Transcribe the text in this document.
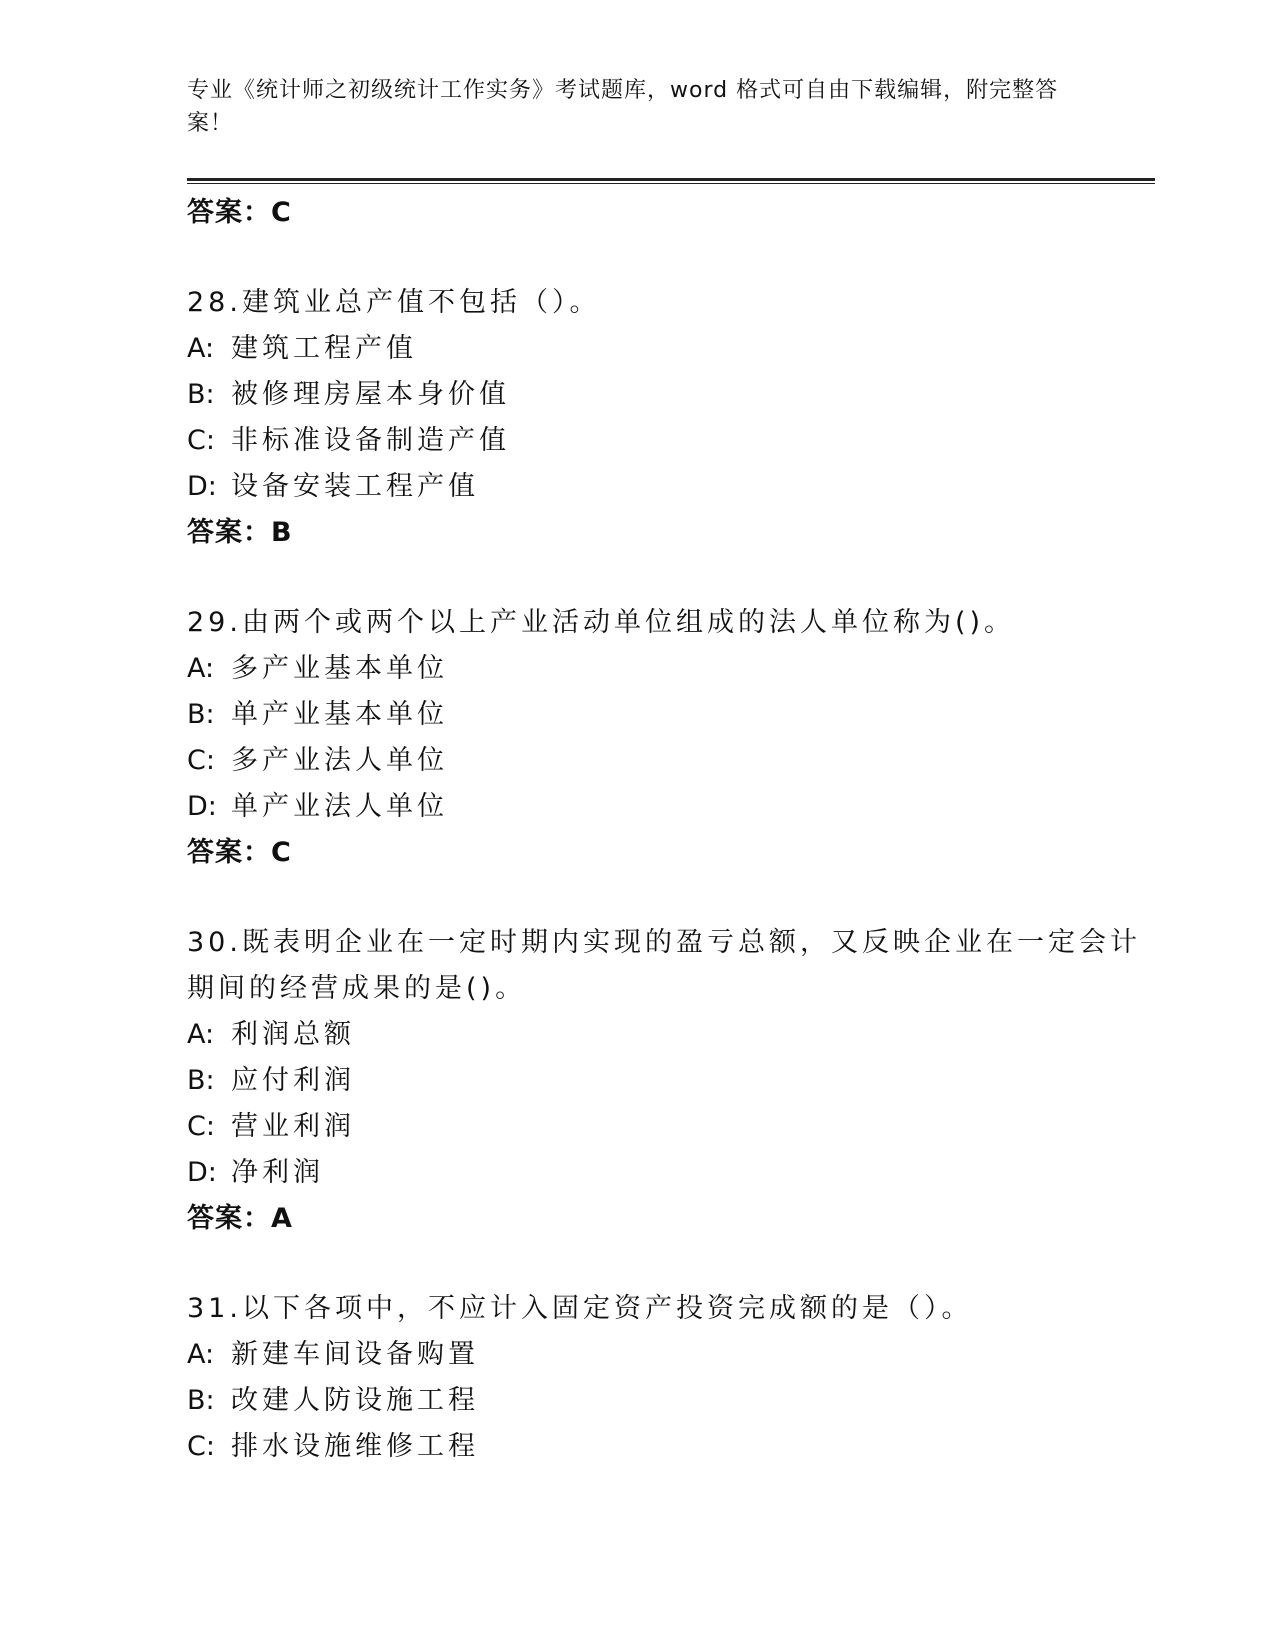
专业《统计师之初级统计工作实务》考试题库，word 格式可自由下载编辑，附完整答案！

答案：C

28.建筑业总产值不包括（）。

A: 建筑工程产值

B: 被修理房屋本身价值

C: 非标准设备制造产值

D: 设备安装工程产值

答案：B

29.由两个或两个以上产业活动单位组成的法人单位称为()。

A: 多产业基本单位

B: 单产业基本单位

C: 多产业法人单位

D: 单产业法人单位

答案：C

30.既表明企业在一定时期内实现的盈亏总额，又反映企业在一定会计期间的经营成果的是()。

A: 利润总额

B: 应付利润

C: 营业利润

D: 净利润

答案：A

31.以下各项中，不应计入固定资产投资完成额的是（）。

A: 新建车间设备购置

B: 改建人防设施工程

C: 排水设施维修工程
